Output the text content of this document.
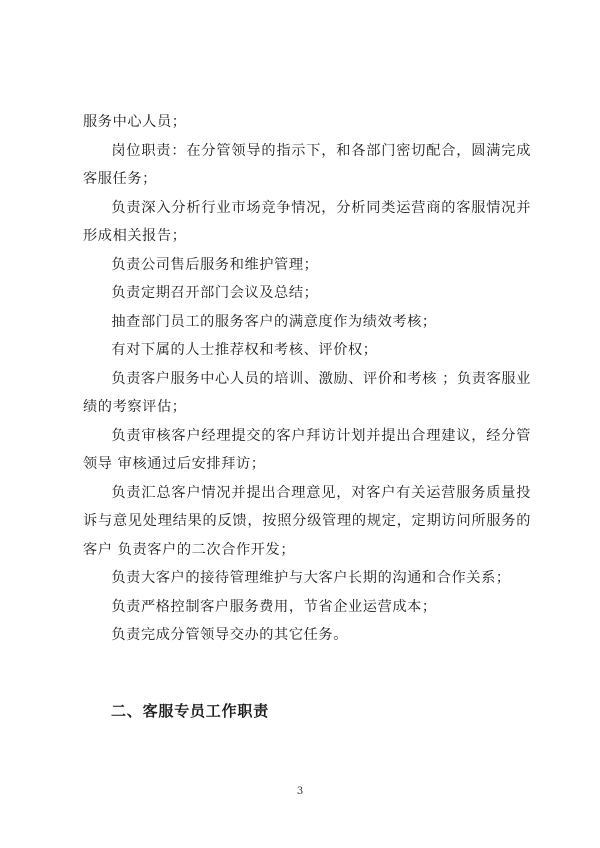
服务中心人员；

岗位职责：在分管领导的指示下，和各部门密切配合，圆满完成客服任务；

负责深入分析行业市场竞争情况，分析同类运营商的客服情况并形成相关报告；

负责公司售后服务和维护管理；

负责定期召开部门会议及总结；

抽查部门员工的服务客户的满意度作为绩效考核；

有对下属的人士推荐权和考核、评价权；

负责客户服务中心人员的培训、激励、评价和考核 ；负责客服业绩的考察评估；

负责审核客户经理提交的客户拜访计划并提出合理建议，经分管领导 审核通过后安排拜访；

负责汇总客户情况并提出合理意见，对客户有关运营服务质量投诉与意见处理结果的反馈，按照分级管理的规定，定期访问所服务的客户 负责客户的二次合作开发；

负责大客户的接待管理维护与大客户长期的沟通和合作关系；

负责严格控制客户服务费用，节省企业运营成本；

负责完成分管领导交办的其它任务。

二、客服专员工作职责
3
